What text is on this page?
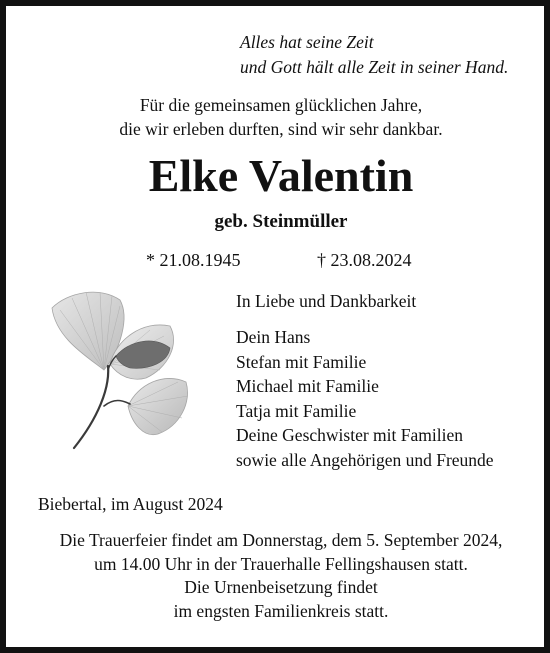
Alles hat seine Zeit
und Gott hält alle Zeit in seiner Hand.
Für die gemeinsamen glücklichen Jahre,
die wir erleben durften, sind wir sehr dankbar.
Elke Valentin
geb. Steinmüller
* 21.08.1945	† 23.08.2024
In Liebe und Dankbarkeit
Dein Hans
Stefan mit Familie
Michael mit Familie
Tatja mit Familie
Deine Geschwister mit Familien
sowie alle Angehörigen und Freunde
Biebertal, im August 2024
Die Trauerfeier findet am Donnerstag, dem 5. September 2024,
um 14.00 Uhr in der Trauerhalle Fellingshausen statt.
Die Urnenbeisetzung findet
im engsten Familienkreis statt.
